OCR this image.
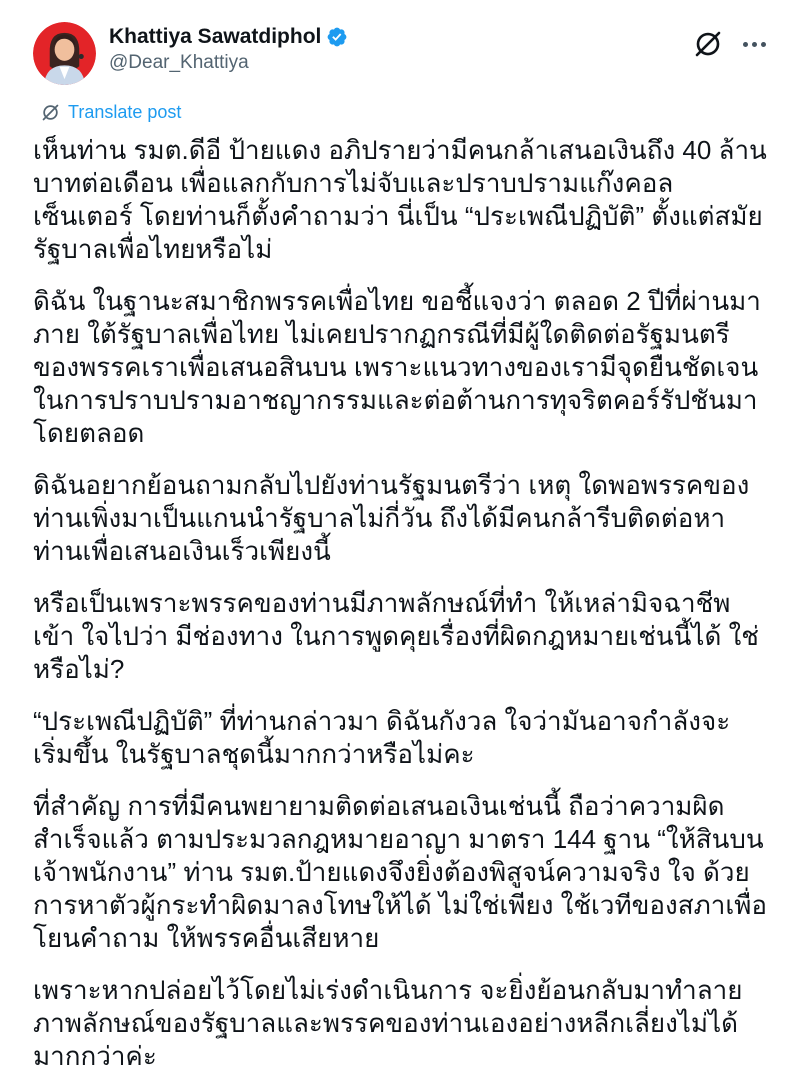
Khattiya Sawatdiphol
@Dear_Khattiya
Translate post

เห็นท่าน รมต.ดีอี ป้ายแดง อภิปรายว่ามีคนกล้าเสนอเงินถึง 40 ล้านบาทต่อเดือน เพื่อแลกกับการไม่จับและปราบปรามแก๊งคอลเซ็นเตอร์ โดยท่านก็ตั้งคำถามว่า นี่เป็น “ประเพณีปฏิบัติ” ตั้งแต่สมัยรัฐบาลเพื่อไทยหรือไม่

ดิฉัน ในฐานะสมาชิกพรรคเพื่อไทย ขอชี้แจงว่า ตลอด 2 ปีที่ผ่านมาภาย ใต้รัฐบาลเพื่อไทย ไม่เคยปรากฏกรณีที่มีผู้ใดติดต่อรัฐมนตรีของพรรคเราเพื่อเสนอสินบน เพราะแนวทางของเรามีจุดยืนชัดเจน ในการปราบปรามอาชญากรรมและต่อต้านการทุจริตคอร์รัปชันมา โดยตลอด

ดิฉันอยากย้อนถามกลับไปยังท่านรัฐมนตรีว่า เหตุ ใดพอพรรคของท่านเพิ่งมาเป็นแกนนำรัฐบาลไม่กี่วัน ถึงได้มีคนกล้ารีบติดต่อหาท่านเพื่อเสนอเงินเร็วเพียงนี้

หรือเป็นเพราะพรรคของท่านมีภาพลักษณ์ที่ทำ ให้เหล่ามิจฉาชีพเข้า ใจไปว่า มีช่องทาง ในการพูดคุยเรื่องที่ผิดกฎหมายเช่นนี้ได้ ใช่หรือไม่?

“ประเพณีปฏิบัติ” ที่ท่านกล่าวมา ดิฉันกังวล ใจว่ามันอาจกำลังจะเริ่มขึ้น ในรัฐบาลชุดนี้มากกว่าหรือไม่คะ

ที่สำคัญ การที่มีคนพยายามติดต่อเสนอเงินเช่นนี้ ถือว่าความผิดสำเร็จแล้ว ตามประมวลกฎหมายอาญา มาตรา 144 ฐาน “ให้สินบนเจ้าพนักงาน” ท่าน รมต.ป้ายแดงจึงยิ่งต้องพิสูจน์ความจริง ใจ ด้วยการหาตัวผู้กระทำผิดมาลงโทษให้ได้ ไม่ใช่เพียง ใช้เวทีของสภาเพื่อ โยนคำถาม ให้พรรคอื่นเสียหาย

เพราะหากปล่อยไว้โดยไม่เร่งดำเนินการ จะยิ่งย้อนกลับมาทำลายภาพลักษณ์ของรัฐบาลและพรรคของท่านเองอย่างหลีกเลี่ยงไม่ได้มากกว่าค่ะ
